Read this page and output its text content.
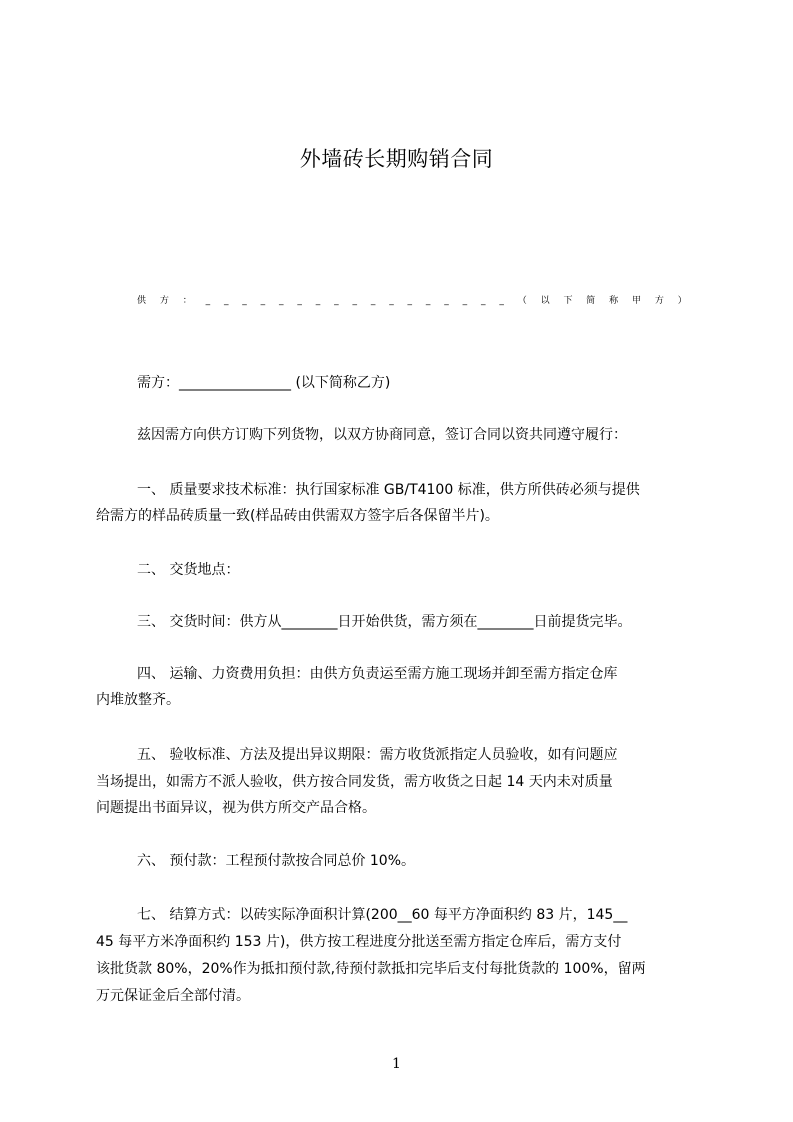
外墙砖长期购销合同
供 方 ： _ _ _ _ _ _ _ _ _ _ _ _ _ _ _ _ _ （ 以 下 简 称 甲 方 ）
需方：________________ (以下简称乙方)
兹因需方向供方订购下列货物，以双方协商同意，签订合同以资共同遵守履行：
一、 质量要求技术标准：执行国家标准 GB/T4100 标准，供方所供砖必须与提供
给需方的样品砖质量一致(样品砖由供需双方签字后各保留半片)。
二、 交货地点：
三、 交货时间：供方从________日开始供货，需方须在________日前提货完毕。
四、 运输、力资费用负担：由供方负责运至需方施工现场并卸至需方指定仓库
内堆放整齐。
五、 验收标准、方法及提出异议期限：需方收货派指定人员验收，如有问题应
当场提出，如需方不派人验收，供方按合同发货，需方收货之日起 14 天内未对质量
问题提出书面异议，视为供方所交产品合格。
六、 预付款：工程预付款按合同总价 10%。
七、 结算方式：以砖实际净面积计算(200__60 每平方净面积约 83 片，145__
45 每平方米净面积约 153 片)，供方按工程进度分批送至需方指定仓库后，需方支付
该批货款 80%，20%作为抵扣预付款,待预付款抵扣完毕后支付每批货款的 100%，留两
万元保证金后全部付清。
1
